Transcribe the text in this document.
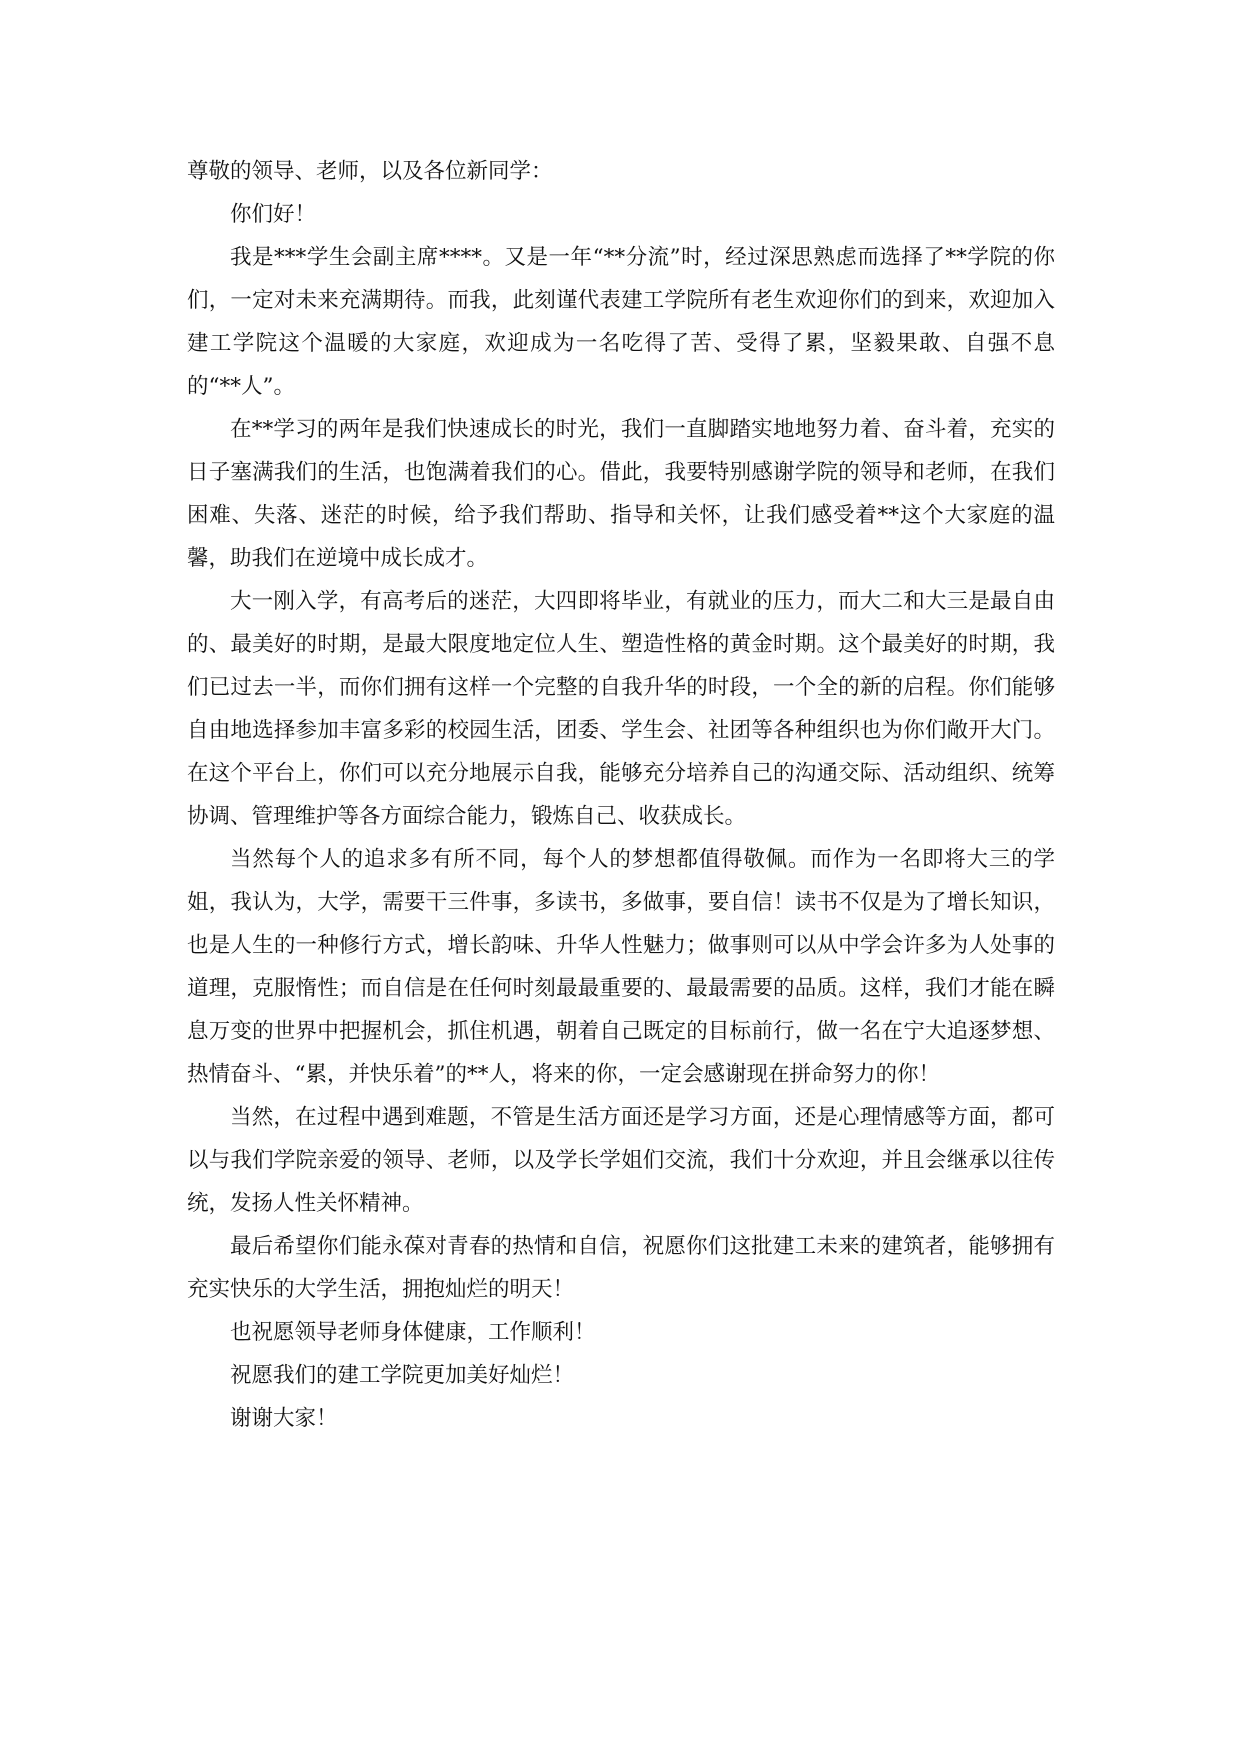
尊敬的领导、老师，以及各位新同学：

你们好！

我是***学生会副主席****。又是一年“**分流”时，经过深思熟虑而选择了**学院的你们，一定对未来充满期待。而我，此刻谨代表建工学院所有老生欢迎你们的到来，欢迎加入建工学院这个温暖的大家庭，欢迎成为一名吃得了苦、受得了累，坚毅果敢、自强不息的“**人”。

在**学习的两年是我们快速成长的时光，我们一直脚踏实地地努力着、奋斗着，充实的日子塞满我们的生活，也饱满着我们的心。借此，我要特别感谢学院的领导和老师，在我们困难、失落、迷茫的时候，给予我们帮助、指导和关怀，让我们感受着**这个大家庭的温馨，助我们在逆境中成长成才。

大一刚入学，有高考后的迷茫，大四即将毕业，有就业的压力，而大二和大三是最自由的、最美好的时期，是最大限度地定位人生、塑造性格的黄金时期。这个最美好的时期，我们已过去一半，而你们拥有这样一个完整的自我升华的时段，一个全的新的启程。你们能够自由地选择参加丰富多彩的校园生活，团委、学生会、社团等各种组织也为你们敞开大门。在这个平台上，你们可以充分地展示自我，能够充分培养自己的沟通交际、活动组织、统筹协调、管理维护等各方面综合能力，锻炼自己、收获成长。

当然每个人的追求多有所不同，每个人的梦想都值得敬佩。而作为一名即将大三的学姐，我认为，大学，需要干三件事，多读书，多做事，要自信！读书不仅是为了增长知识，也是人生的一种修行方式，增长韵味、升华人性魅力；做事则可以从中学会许多为人处事的道理，克服惰性；而自信是在任何时刻最最重要的、最最需要的品质。这样，我们才能在瞬息万变的世界中把握机会，抓住机遇，朝着自己既定的目标前行，做一名在宁大追逐梦想、热情奋斗、“累，并快乐着”的**人，将来的你，一定会感谢现在拼命努力的你！

当然，在过程中遇到难题，不管是生活方面还是学习方面，还是心理情感等方面，都可以与我们学院亲爱的领导、老师，以及学长学姐们交流，我们十分欢迎，并且会继承以往传统，发扬人性关怀精神。

最后希望你们能永葆对青春的热情和自信，祝愿你们这批建工未来的建筑者，能够拥有充实快乐的大学生活，拥抱灿烂的明天！

也祝愿领导老师身体健康，工作顺利！

祝愿我们的建工学院更加美好灿烂！

谢谢大家！
